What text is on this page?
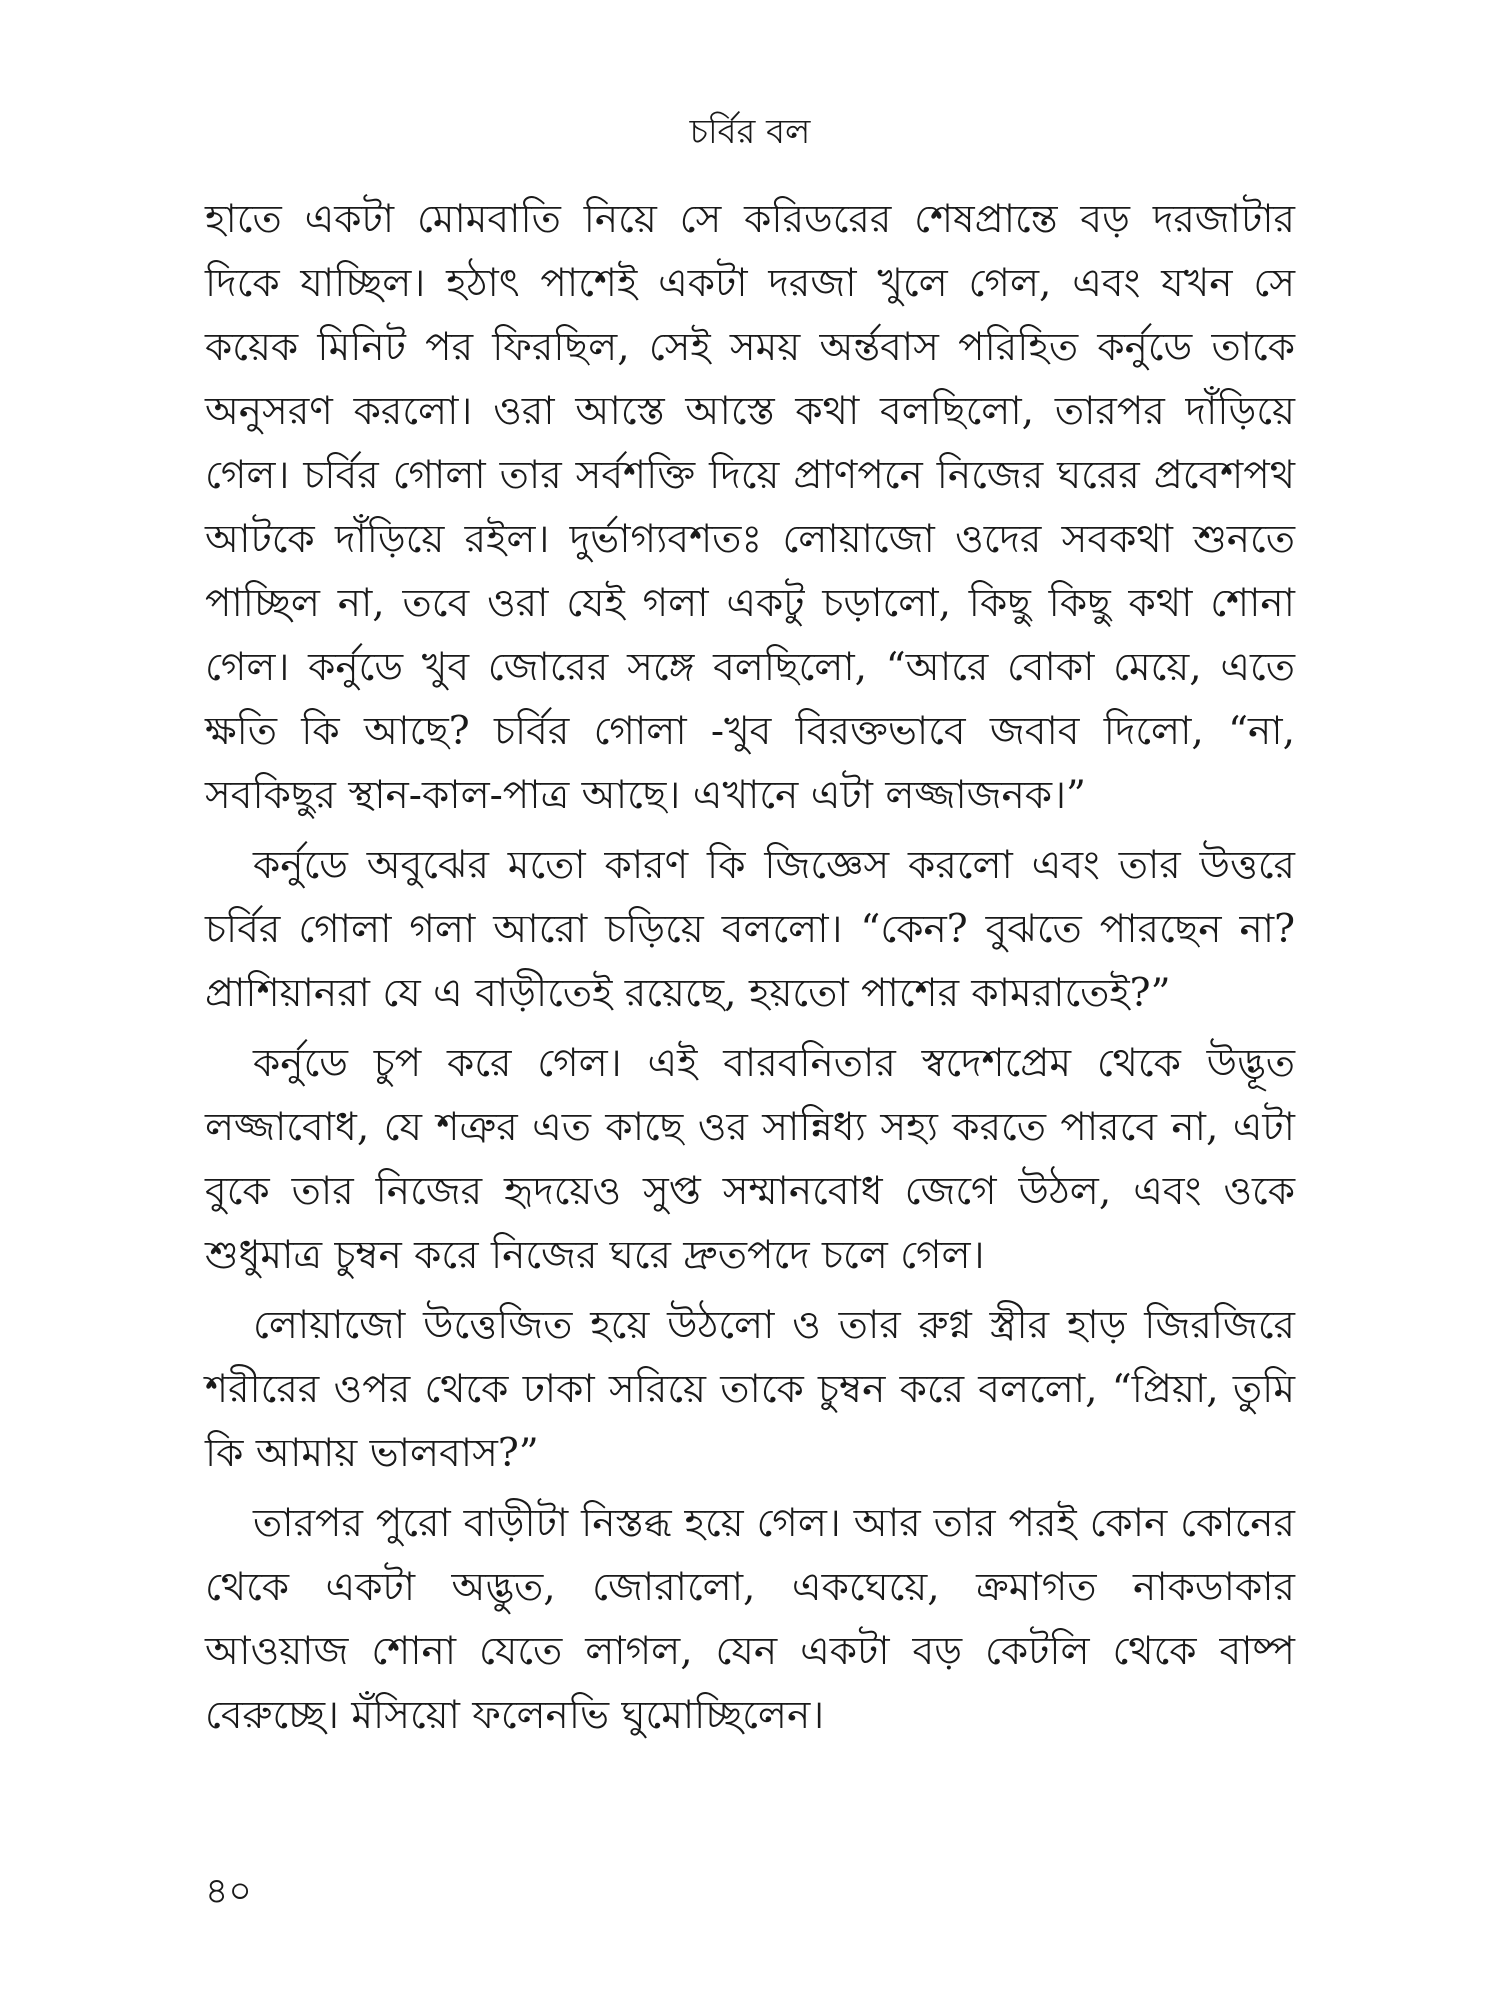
চর্বির বল

হাতে একটা মোমবাতি নিয়ে সে করিডরের শেষপ্রান্তে বড় দরজাটার দিকে যাচ্ছিল। হঠাৎ পাশেই একটা দরজা খুলে গেল, এবং যখন সে কয়েক মিনিট পর ফিরছিল, সেই সময় অর্ন্তবাস পরিহিত কর্নুডে তাকে অনুসরণ করলো। ওরা আস্তে আস্তে কথা বলছিলো, তারপর দাঁড়িয়ে গেল। চর্বির গোলা তার সর্বশক্তি দিয়ে প্রাণপনে নিজের ঘরের প্রবেশপথ আটকে দাঁড়িয়ে রইল। দুর্ভাগ্যবশতঃ লোয়াজো ওদের সবকথা শুনতে পাচ্ছিল না, তবে ওরা যেই গলা একটু চড়ালো, কিছু কিছু কথা শোনা গেল। কর্নুডে খুব জোরের সঙ্গে বলছিলো, “আরে বোকা মেয়ে, এতে ক্ষতি কি আছে? চর্বির গোলা -খুব বিরক্তভাবে জবাব দিলো, “না, সবকিছুর স্থান-কাল-পাত্র আছে। এখানে এটা লজ্জাজনক।”

কর্নুডে অবুঝের মতো কারণ কি জিজ্ঞেস করলো এবং তার উত্তরে চর্বির গোলা গলা আরো চড়িয়ে বললো। “কেন? বুঝতে পারছেন না? প্রাশিয়ানরা যে এ বাড়ীতেই রয়েছে, হয়তো পাশের কামরাতেই?”

কর্নুডে চুপ করে গেল। এই বারবনিতার স্বদেশপ্রেম থেকে উদ্ভূত লজ্জাবোধ, যে শত্রুর এত কাছে ওর সান্নিধ্য সহ্য করতে পারবে না, এটা বুকে তার নিজের হৃদয়েও সুপ্ত সম্মানবোধ জেগে উঠল, এবং ওকে শুধুমাত্র চুম্বন করে নিজের ঘরে দ্রুতপদে চলে গেল।

লোয়াজো উত্তেজিত হয়ে উঠলো ও তার রুগ্ন স্ত্রীর হাড় জিরজিরে শরীরের ওপর থেকে ঢাকা সরিয়ে তাকে চুম্বন করে বললো, “প্রিয়া, তুমি কি আমায় ভালবাস?”

তারপর পুরো বাড়ীটা নিস্তব্ধ হয়ে গেল। আর তার পরই কোন কোনের থেকে একটা অদ্ভুত, জোরালো, একঘেয়ে, ক্রমাগত নাকডাকার আওয়াজ শোনা যেতে লাগল, যেন একটা বড় কেটলি থেকে বাষ্প বেরুচ্ছে। মঁসিয়ো ফলেনভি ঘুমোচ্ছিলেন।

৪০
